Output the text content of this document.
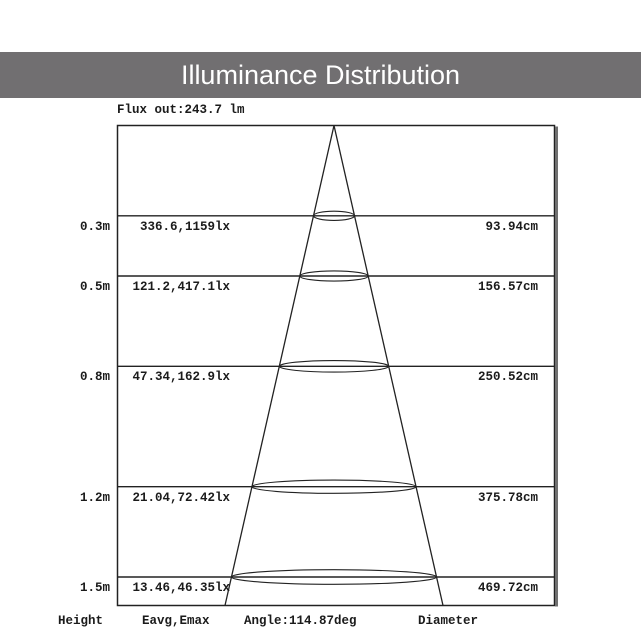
Illuminance Distribution
Flux out:243.7 lm
0.3m	336.6,1159lx	93.94cm
0.5m	121.2,417.1lx	156.57cm
0.8m	47.34,162.9lx	250.52cm
1.2m	21.04,72.42lx	375.78cm
1.5m	13.46,46.35lx	469.72cm
Height	Eavg,Emax	Angle:114.87deg	Diameter
